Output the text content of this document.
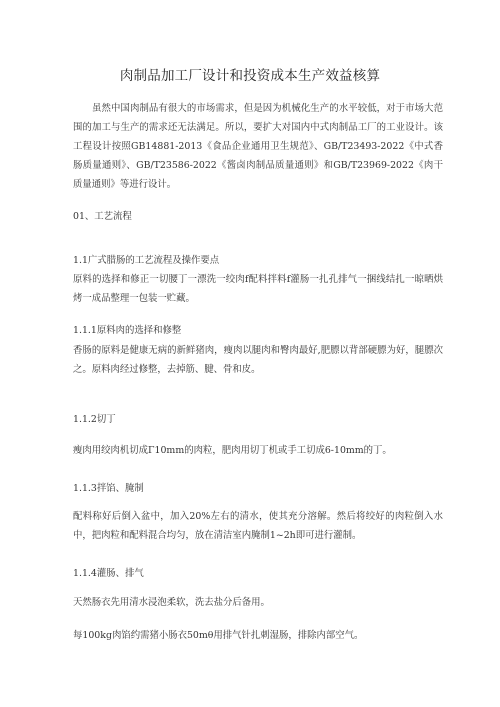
肉制品加工厂设计和投资成本生产效益核算

虽然中国肉制品有很大的市场需求，但是因为机械化生产的水平较低，对于市场大范围的加工与生产的需求还无法满足。所以，要扩大对国内中式肉制品工厂的工业设计。该工程设计按照GB14881-2013《食品企业通用卫生规范》、GB/T23493-2022《中式香肠质量通则》、GB/T23586-2022《酱卤肉制品质量通则》和GB/T23969-2022《肉干质量通则》等进行设计。

01、工艺流程
1.1广式腊肠的工艺流程及操作要点

原料的选择和修正一切腰丁一漂洗一绞肉f配料拌料f灌肠一扎孔排气一捆线结扎一晾晒烘烤一成品整理一包装一贮藏。

1.1.1原料肉的选择和修整

香肠的原料是健康无病的新鲜猪肉，瘦肉以腿肉和臀肉最好,肥膘以背部硬膘为好，腿膘次之。原料肉经过修整，去掉筋、腱、骨和皮。

1.1.2切丁

瘦肉用绞肉机切成Γ10mm的肉粒，肥肉用切丁机或手工切成6-10mm的丁。

1.1.3拌馅、腌制

配料称好后倒入盆中，加入20%左右的清水，使其充分溶解。然后将绞好的肉粒倒入水中，把肉粒和配料混合均匀，放在清洁室内腌制1~2h即可进行灌制。

1.1.4灌肠、排气

天然肠衣先用清水浸泡柔软，洗去盐分后备用。

每100kg肉馅约需猪小肠衣50mθ用排气针扎刺湿肠，排除内部空气。
